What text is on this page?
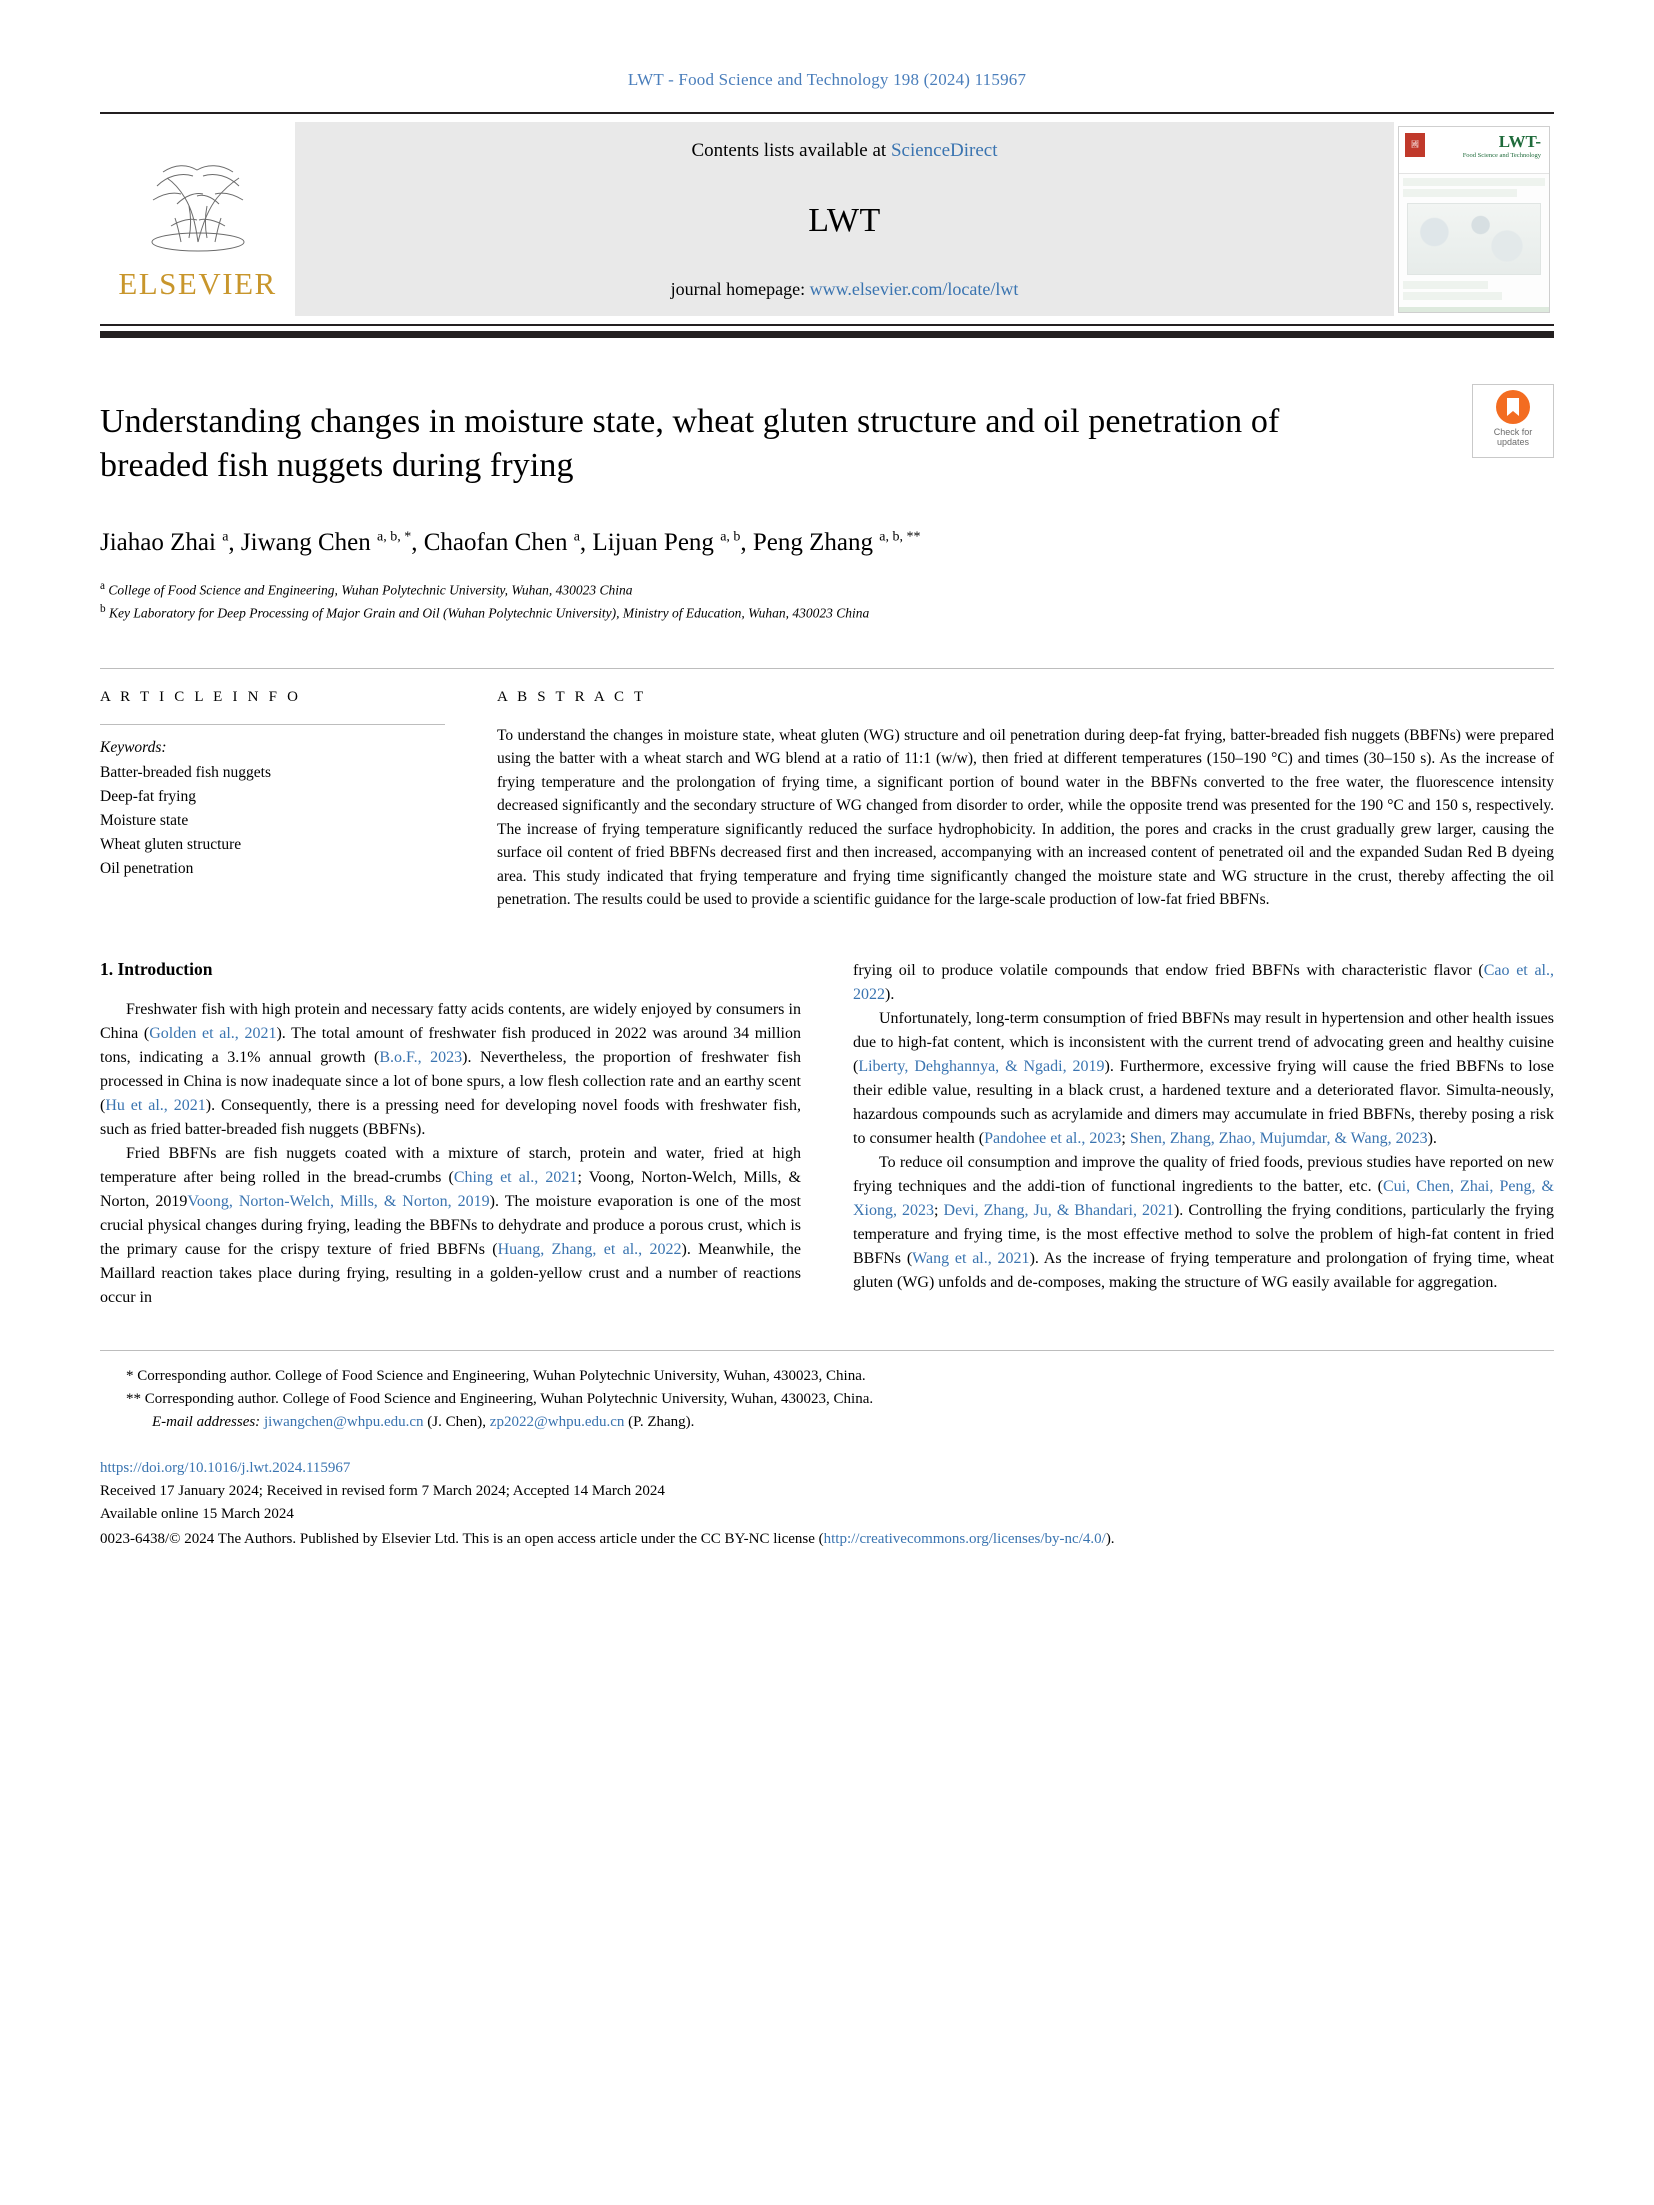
LWT - Food Science and Technology 198 (2024) 115967
ELSEVIER
Contents lists available at ScienceDirect
LWT
journal homepage: www.elsevier.com/locate/lwt
國	LWT-
Food Science and Technology
Check for
updates
Understanding changes in moisture state, wheat gluten structure and oil penetration of breaded fish nuggets during frying
Jiahao Zhai $^a$, Jiwang Chen $^{a, b, *}$, Chaofan Chen $^a$, Lijuan Peng $^{a, b}$, Peng Zhang $^{a, b, **}$
$^a$ College of Food Science and Engineering, Wuhan Polytechnic University, Wuhan, 430023 China
$^b$ Key Laboratory for Deep Processing of Major Grain and Oil (Wuhan Polytechnic University), Ministry of Education, Wuhan, 430023 China
A R T I C L E I N F O
Keywords:
Batter-breaded fish nuggets
Deep-fat frying
Moisture state
Wheat gluten structure
Oil penetration
A B S T R A C T
To understand the changes in moisture state, wheat gluten (WG) structure and oil penetration during deep-fat frying, batter-breaded fish nuggets (BBFNs) were prepared using the batter with a wheat starch and WG blend at a ratio of 11:1 (w/w), then fried at different temperatures (150–190 °C) and times (30–150 s). As the increase of frying temperature and the prolongation of frying time, a significant portion of bound water in the BBFNs converted to the free water, the fluorescence intensity decreased significantly and the secondary structure of WG changed from disorder to order, while the opposite trend was presented for the 190 °C and 150 s, respectively. The increase of frying temperature significantly reduced the surface hydrophobicity. In addition, the pores and cracks in the crust gradually grew larger, causing the surface oil content of fried BBFNs decreased first and then increased, accompanying with an increased content of penetrated oil and the expanded Sudan Red B dyeing area. This study indicated that frying temperature and frying time significantly changed the moisture state and WG structure in the crust, thereby affecting the oil penetration. The results could be used to provide a scientific guidance for the large-scale production of low-fat fried BBFNs.
1. Introduction

Freshwater fish with high protein and necessary fatty acids contents, are widely enjoyed by consumers in China (Golden et al., 2021). The total amount of freshwater fish produced in 2022 was around 34 million tons, indicating a 3.1% annual growth (B.o.F., 2023). Nevertheless, the proportion of freshwater fish processed in China is now inadequate since a lot of bone spurs, a low flesh collection rate and an earthy scent (Hu et al., 2021). Consequently, there is a pressing need for developing novel foods with freshwater fish, such as fried batter-breaded fish nuggets (BBFNs).

Fried BBFNs are fish nuggets coated with a mixture of starch, protein and water, fried at high temperature after being rolled in the bread-crumbs (Ching et al., 2021; Voong, Norton-Welch, Mills, & Norton, 2019Voong, Norton-Welch, Mills, & Norton, 2019). The moisture evaporation is one of the most crucial physical changes during frying, leading the BBFNs to dehydrate and produce a porous crust, which is the primary cause for the crispy texture of fried BBFNs (Huang, Zhang, et al., 2022). Meanwhile, the Maillard reaction takes place during frying, resulting in a golden-yellow crust and a number of reactions occur in

frying oil to produce volatile compounds that endow fried BBFNs with characteristic flavor (Cao et al., 2022).

Unfortunately, long-term consumption of fried BBFNs may result in hypertension and other health issues due to high-fat content, which is inconsistent with the current trend of advocating green and healthy cuisine (Liberty, Dehghannya, & Ngadi, 2019). Furthermore, excessive frying will cause the fried BBFNs to lose their edible value, resulting in a black crust, a hardened texture and a deteriorated flavor. Simulta-neously, hazardous compounds such as acrylamide and dimers may accumulate in fried BBFNs, thereby posing a risk to consumer health (Pandohee et al., 2023; Shen, Zhang, Zhao, Mujumdar, & Wang, 2023).

To reduce oil consumption and improve the quality of fried foods, previous studies have reported on new frying techniques and the addi-tion of functional ingredients to the batter, etc. (Cui, Chen, Zhai, Peng, & Xiong, 2023; Devi, Zhang, Ju, & Bhandari, 2021). Controlling the frying conditions, particularly the frying temperature and frying time, is the most effective method to solve the problem of high-fat content in fried BBFNs (Wang et al., 2021). As the increase of frying temperature and prolongation of frying time, wheat gluten (WG) unfolds and de-composes, making the structure of WG easily available for aggregation.

* Corresponding author. College of Food Science and Engineering, Wuhan Polytechnic University, Wuhan, 430023, China.
** Corresponding author. College of Food Science and Engineering, Wuhan Polytechnic University, Wuhan, 430023, China.
E-mail addresses: jiwangchen@whpu.edu.cn (J. Chen), zp2022@whpu.edu.cn (P. Zhang).
https://doi.org/10.1016/j.lwt.2024.115967
Received 17 January 2024; Received in revised form 7 March 2024; Accepted 14 March 2024
Available online 15 March 2024
0023-6438/© 2024 The Authors. Published by Elsevier Ltd. This is an open access article under the CC BY-NC license (http://creativecommons.org/licenses/by-nc/4.0/).
